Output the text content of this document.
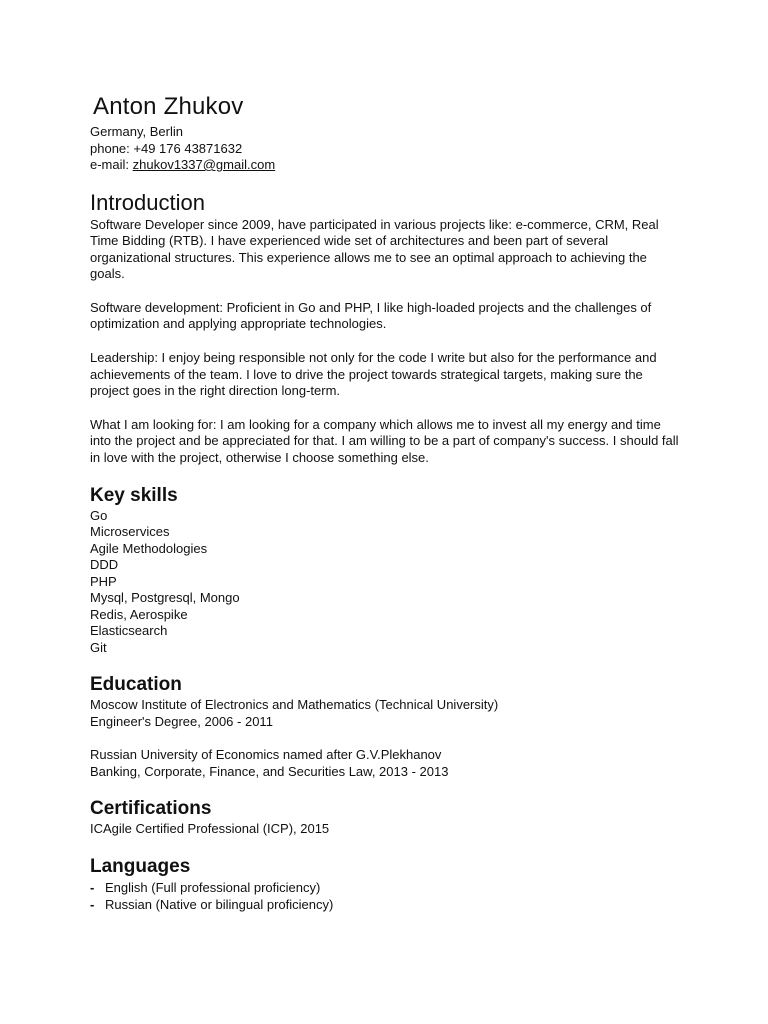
Anton Zhukov

Germany, Berlin

phone: +49 176 43871632

e-mail: zhukov1337@gmail.com

Introduction

Software Developer since 2009, have participated in various projects like: e-commerce, CRM, Real Time Bidding (RTB). I have experienced wide set of architectures and been part of several organizational structures. This experience allows me to see an optimal approach to achieving the goals.

Software development: Proficient in Go and PHP, I like high-loaded projects and the challenges of optimization and applying appropriate technologies.

Leadership: I enjoy being responsible not only for the code I write but also for the performance and achievements of the team. I love to drive the project towards strategical targets, making sure the project goes in the right direction long-term.

What I am looking for: I am looking for a company which allows me to invest all my energy and time into the project and be appreciated for that. I am willing to be a part of company's success. I should fall in love with the project, otherwise I choose something else.

Key skills

Go

Microservices

Agile Methodologies

DDD

PHP

Mysql, Postgresql, Mongo

Redis, Aerospike

Elasticsearch

Git

Education

Moscow Institute of Electronics and Mathematics (Technical University)

Engineer's Degree, 2006 - 2011

Russian University of Economics named after G.V.Plekhanov

Banking, Corporate, Finance, and Securities Law, 2013 - 2013

Certifications

ICAgile Certified Professional (ICP), 2015

Languages
- English (Full professional proficiency)
- Russian (Native or bilingual proficiency)
